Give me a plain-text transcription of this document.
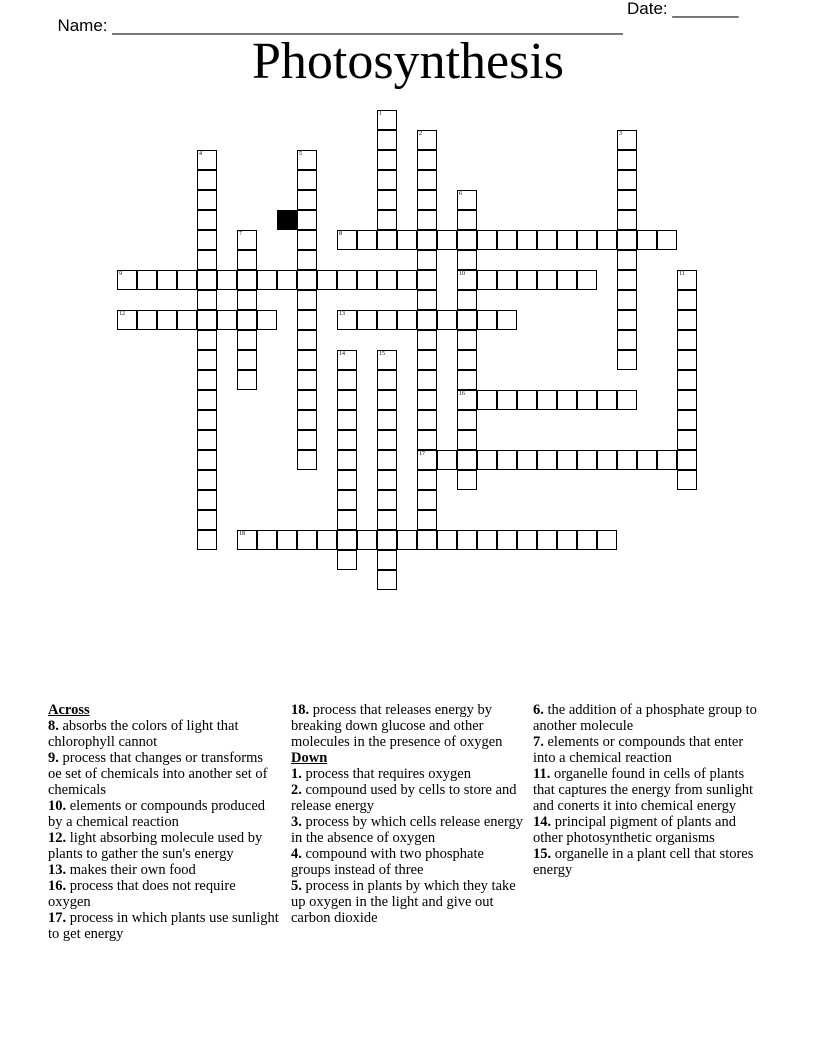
Name: ______________________________________________________

Date: _______

Photosynthesis
1
2
17
3
4	5
6
10
16
7	8
9	11
12	13
14	15
18
Across
8. absorbs the colors of light that chlorophyll cannot
9. process that changes or transforms oe set of chemicals into another set of chemicals
10. elements or compounds produced by a chemical reaction
12. light absorbing molecule used by plants to gather the sun's energy
13. makes their own food
16. process that does not require oxygen
17. process in which plants use sunlight to get energy
18. process that releases energy by breaking down glucose and other molecules in the presence of oxygen
Down
1. process that requires oxygen
2. compound used by cells to store and release energy
3. process by which cells release energy in the absence of oxygen
4. compound with two phosphate groups instead of three
5. process in plants by which they take up oxygen in the light and give out carbon dioxide
6. the addition of a phosphate group to another molecule
7. elements or compounds that enter into a chemical reaction
11. organelle found in cells of plants that captures the energy from sunlight and conerts it into chemical energy
14. principal pigment of plants and other photosynthetic organisms
15. organelle in a plant cell that stores energy
